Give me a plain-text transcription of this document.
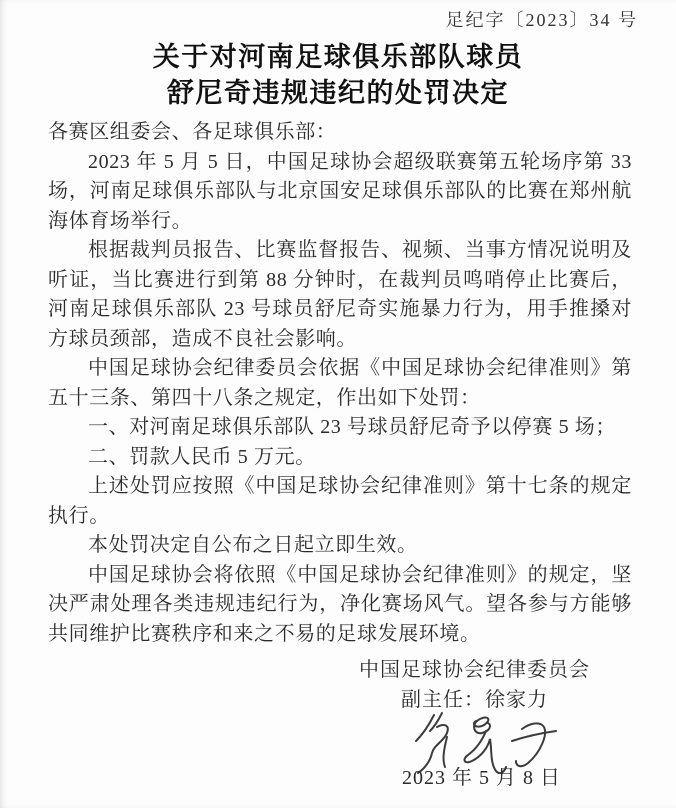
足纪字〔2023〕34 号
关于对河南足球俱乐部队球员
舒尼奇违规违纪的处罚决定

各赛区组委会、各足球俱乐部：

2023 年 5 月 5 日，中国足球协会超级联赛第五轮场序第 33 场，河南足球俱乐部队与北京国安足球俱乐部队的比赛在郑州航海体育场举行。

根据裁判员报告、比赛监督报告、视频、当事方情况说明及听证，当比赛进行到第 88 分钟时，在裁判员鸣哨停止比赛后，河南足球俱乐部队 23 号球员舒尼奇实施暴力行为，用手推搡对方球员颈部，造成不良社会影响。

中国足球协会纪律委员会依据《中国足球协会纪律准则》第五十三条、第四十八条之规定，作出如下处罚：

一、对河南足球俱乐部队 23 号球员舒尼奇予以停赛 5 场；

二、罚款人民币 5 万元。

上述处罚应按照《中国足球协会纪律准则》第十七条的规定执行。

本处罚决定自公布之日起立即生效。

中国足球协会将依照《中国足球协会纪律准则》的规定，坚决严肃处理各类违规违纪行为，净化赛场风气。望各参与方能够共同维护比赛秩序和来之不易的足球发展环境。

中国足球协会纪律委员会
副主任：徐家力
2023 年 5 月 8 日
